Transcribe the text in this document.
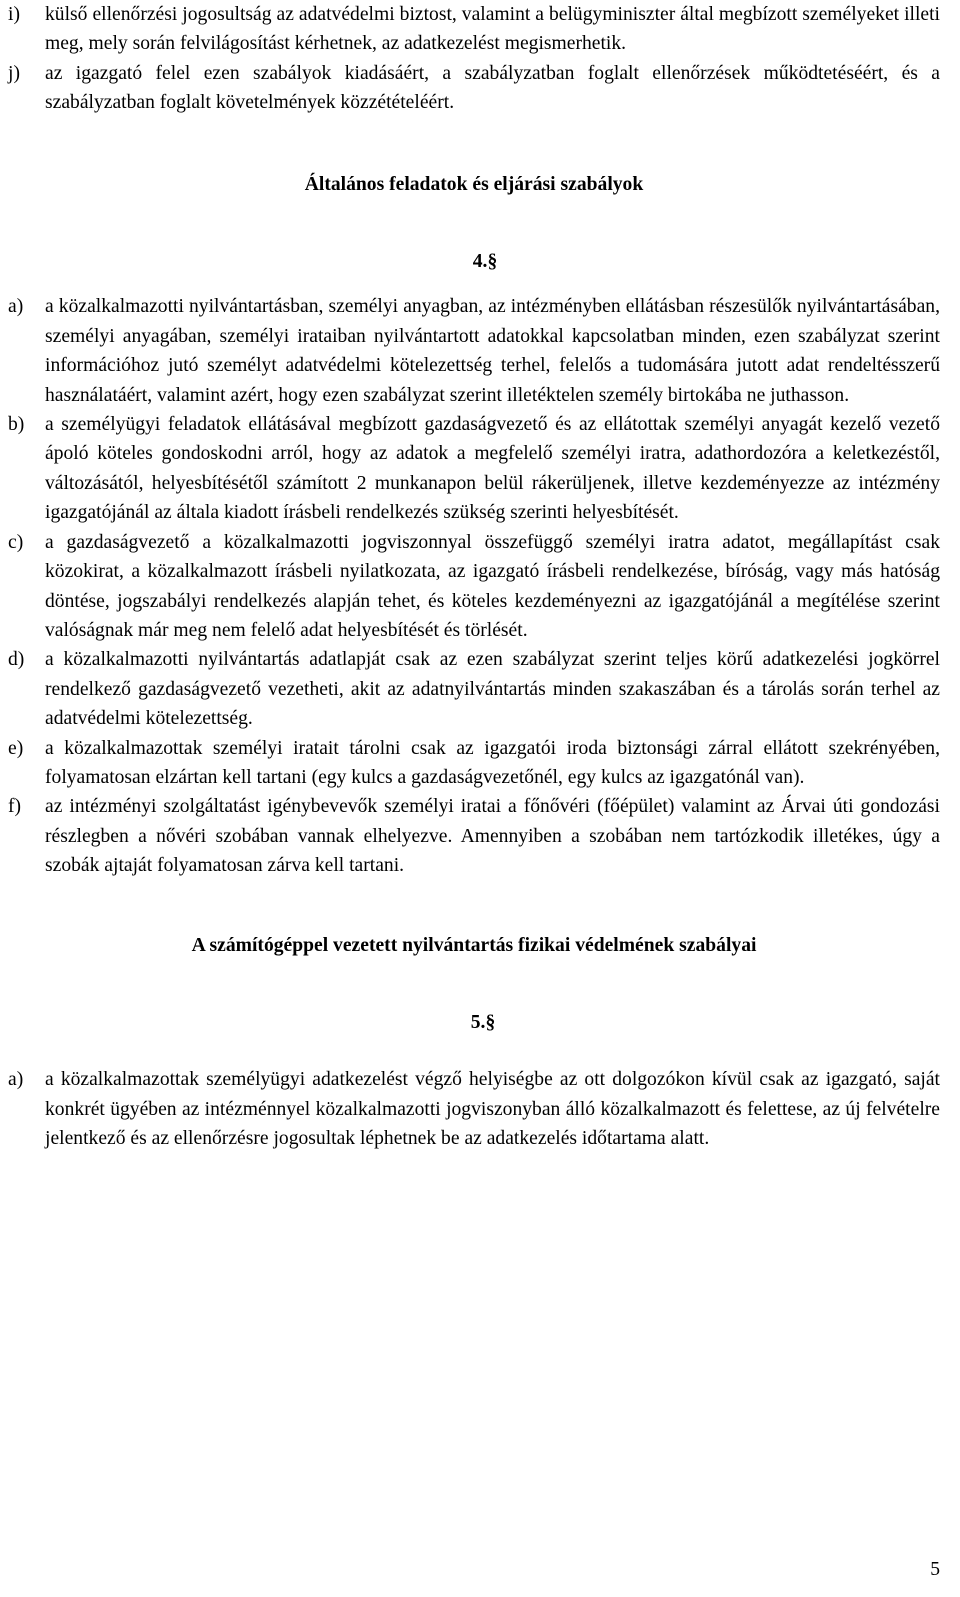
i) külső ellenőrzési jogosultság az adatvédelmi biztost, valamint a belügyminiszter által megbízott személyeket illeti meg, mely során felvilágosítást kérhetnek, az adatkezelést megismerhetik.
j) az igazgató felel ezen szabályok kiadásáért, a szabályzatban foglalt ellenőrzések működtetéséért, és a szabályzatban foglalt követelmények közzétételéért.
Általános feladatok és eljárási szabályok
4.§
a) a közalkalmazotti nyilvántartásban, személyi anyagban, az intézményben ellátásban részesülők nyilvántartásában, személyi anyagában, személyi irataiban nyilvántartott adatokkal kapcsolatban minden, ezen szabályzat szerint információhoz jutó személyt adatvédelmi kötelezettség terhel, felelős a tudomására jutott adat rendeltésszerű használatáért, valamint azért, hogy ezen szabályzat szerint illetéktelen személy birtokába ne juthasson.
b) a személyügyi feladatok ellátásával megbízott gazdaságvezető és az ellátottak személyi anyagát kezelő vezető ápoló köteles gondoskodni arról, hogy az adatok a megfelelő személyi iratra, adathordozóra a keletkezéstől, változásától, helyesbítésétől számított 2 munkanapon belül rákerüljenek, illetve kezdeményezze az intézmény igazgatójánál az általa kiadott írásbeli rendelkezés szükség szerinti helyesbítését.
c) a gazdaságvezető a közalkalmazotti jogviszonnyal összefüggő személyi iratra adatot, megállapítást csak közokirat, a közalkalmazott írásbeli nyilatkozata, az igazgató írásbeli rendelkezése, bíróság, vagy más hatóság döntése, jogszabályi rendelkezés alapján tehet, és köteles kezdeményezni az igazgatójánál a megítélése szerint valóságnak már meg nem felelő adat helyesbítését és törlését.
d) a közalkalmazotti nyilvántartás adatlapját csak az ezen szabályzat szerint teljes körű adatkezelési jogkörrel rendelkező gazdaságvezető vezetheti, akit az adatnyilvántartás minden szakaszában és a tárolás során terhel az adatvédelmi kötelezettség.
e) a közalkalmazottak személyi iratait tárolni csak az igazgatói iroda biztonsági zárral ellátott szekrényében, folyamatosan elzártan kell tartani (egy kulcs a gazdaságvezetőnél, egy kulcs az igazgatónál van).
f) az intézményi szolgáltatást igénybevevők személyi iratai a főnővéri (főépület) valamint az Árvai úti gondozási részlegben a nővéri szobában vannak elhelyezve. Amennyiben a szobában nem tartózkodik illetékes, úgy a szobák ajtaját folyamatosan zárva kell tartani.
A számítógéppel vezetett nyilvántartás fizikai védelmének szabályai
5.§
a) a közalkalmazottak személyügyi adatkezelést végző helyiségbe az ott dolgozókon kívül csak az igazgató, saját konkrét ügyében az intézménnyel közalkalmazotti jogviszonyban álló közalkalmazott és felettese, az új felvételre jelentkező és az ellenőrzésre jogosultak léphetnek be az adatkezelés időtartama alatt.
5
